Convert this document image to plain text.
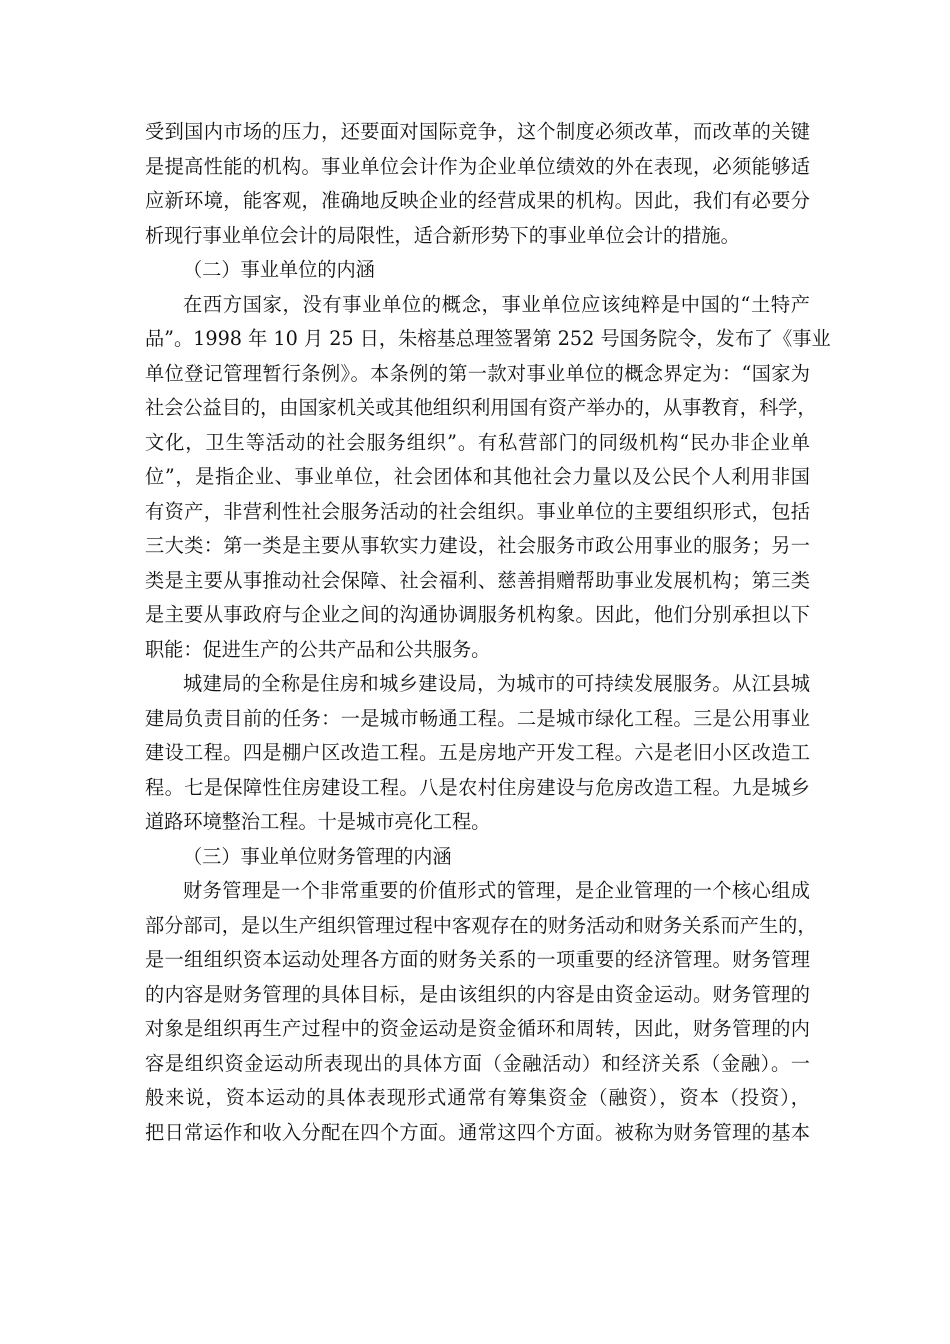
受到国内市场的压力，还要面对国际竞争，这个制度必须改革，而改革的关键
是提高性能的机构。事业单位会计作为企业单位绩效的外在表现，必须能够适
应新环境，能客观，准确地反映企业的经营成果的机构。因此，我们有必要分
析现行事业单位会计的局限性，适合新形势下的事业单位会计的措施。
（二）事业单位的内涵
在西方国家，没有事业单位的概念，事业单位应该纯粹是中国的“土特产
品”。1998 年 10 月 25 日，朱榕基总理签署第 252 号国务院令，发布了《事业
单位登记管理暂行条例》。本条例的第一款对事业单位的概念界定为：“国家为
社会公益目的，由国家机关或其他组织利用国有资产举办的，从事教育，科学，
文化，卫生等活动的社会服务组织”。有私营部门的同级机构“民办非企业单
位”，是指企业、事业单位，社会团体和其他社会力量以及公民个人利用非国
有资产，非营利性社会服务活动的社会组织。事业单位的主要组织形式，包括
三大类：第一类是主要从事软实力建设，社会服务市政公用事业的服务；另一
类是主要从事推动社会保障、社会福利、慈善捐赠帮助事业发展机构；第三类
是主要从事政府与企业之间的沟通协调服务机构象。因此，他们分别承担以下
职能：促进生产的公共产品和公共服务。
城建局的全称是住房和城乡建设局，为城市的可持续发展服务。从江县城
建局负责目前的任务：一是城市畅通工程。二是城市绿化工程。三是公用事业
建设工程。四是棚户区改造工程。五是房地产开发工程。六是老旧小区改造工
程。七是保障性住房建设工程。八是农村住房建设与危房改造工程。九是城乡
道路环境整治工程。十是城市亮化工程。
（三）事业单位财务管理的内涵
财务管理是一个非常重要的价值形式的管理，是企业管理的一个核心组成
部分部司，是以生产组织管理过程中客观存在的财务活动和财务关系而产生的，
是一组组织资本运动处理各方面的财务关系的一项重要的经济管理。财务管理
的内容是财务管理的具体目标，是由该组织的内容是由资金运动。财务管理的
对象是组织再生产过程中的资金运动是资金循环和周转，因此，财务管理的内
容是组织资金运动所表现出的具体方面（金融活动）和经济关系（金融）。一
般来说，资本运动的具体表现形式通常有筹集资金（融资），资本（投资），
把日常运作和收入分配在四个方面。通常这四个方面。被称为财务管理的基本
